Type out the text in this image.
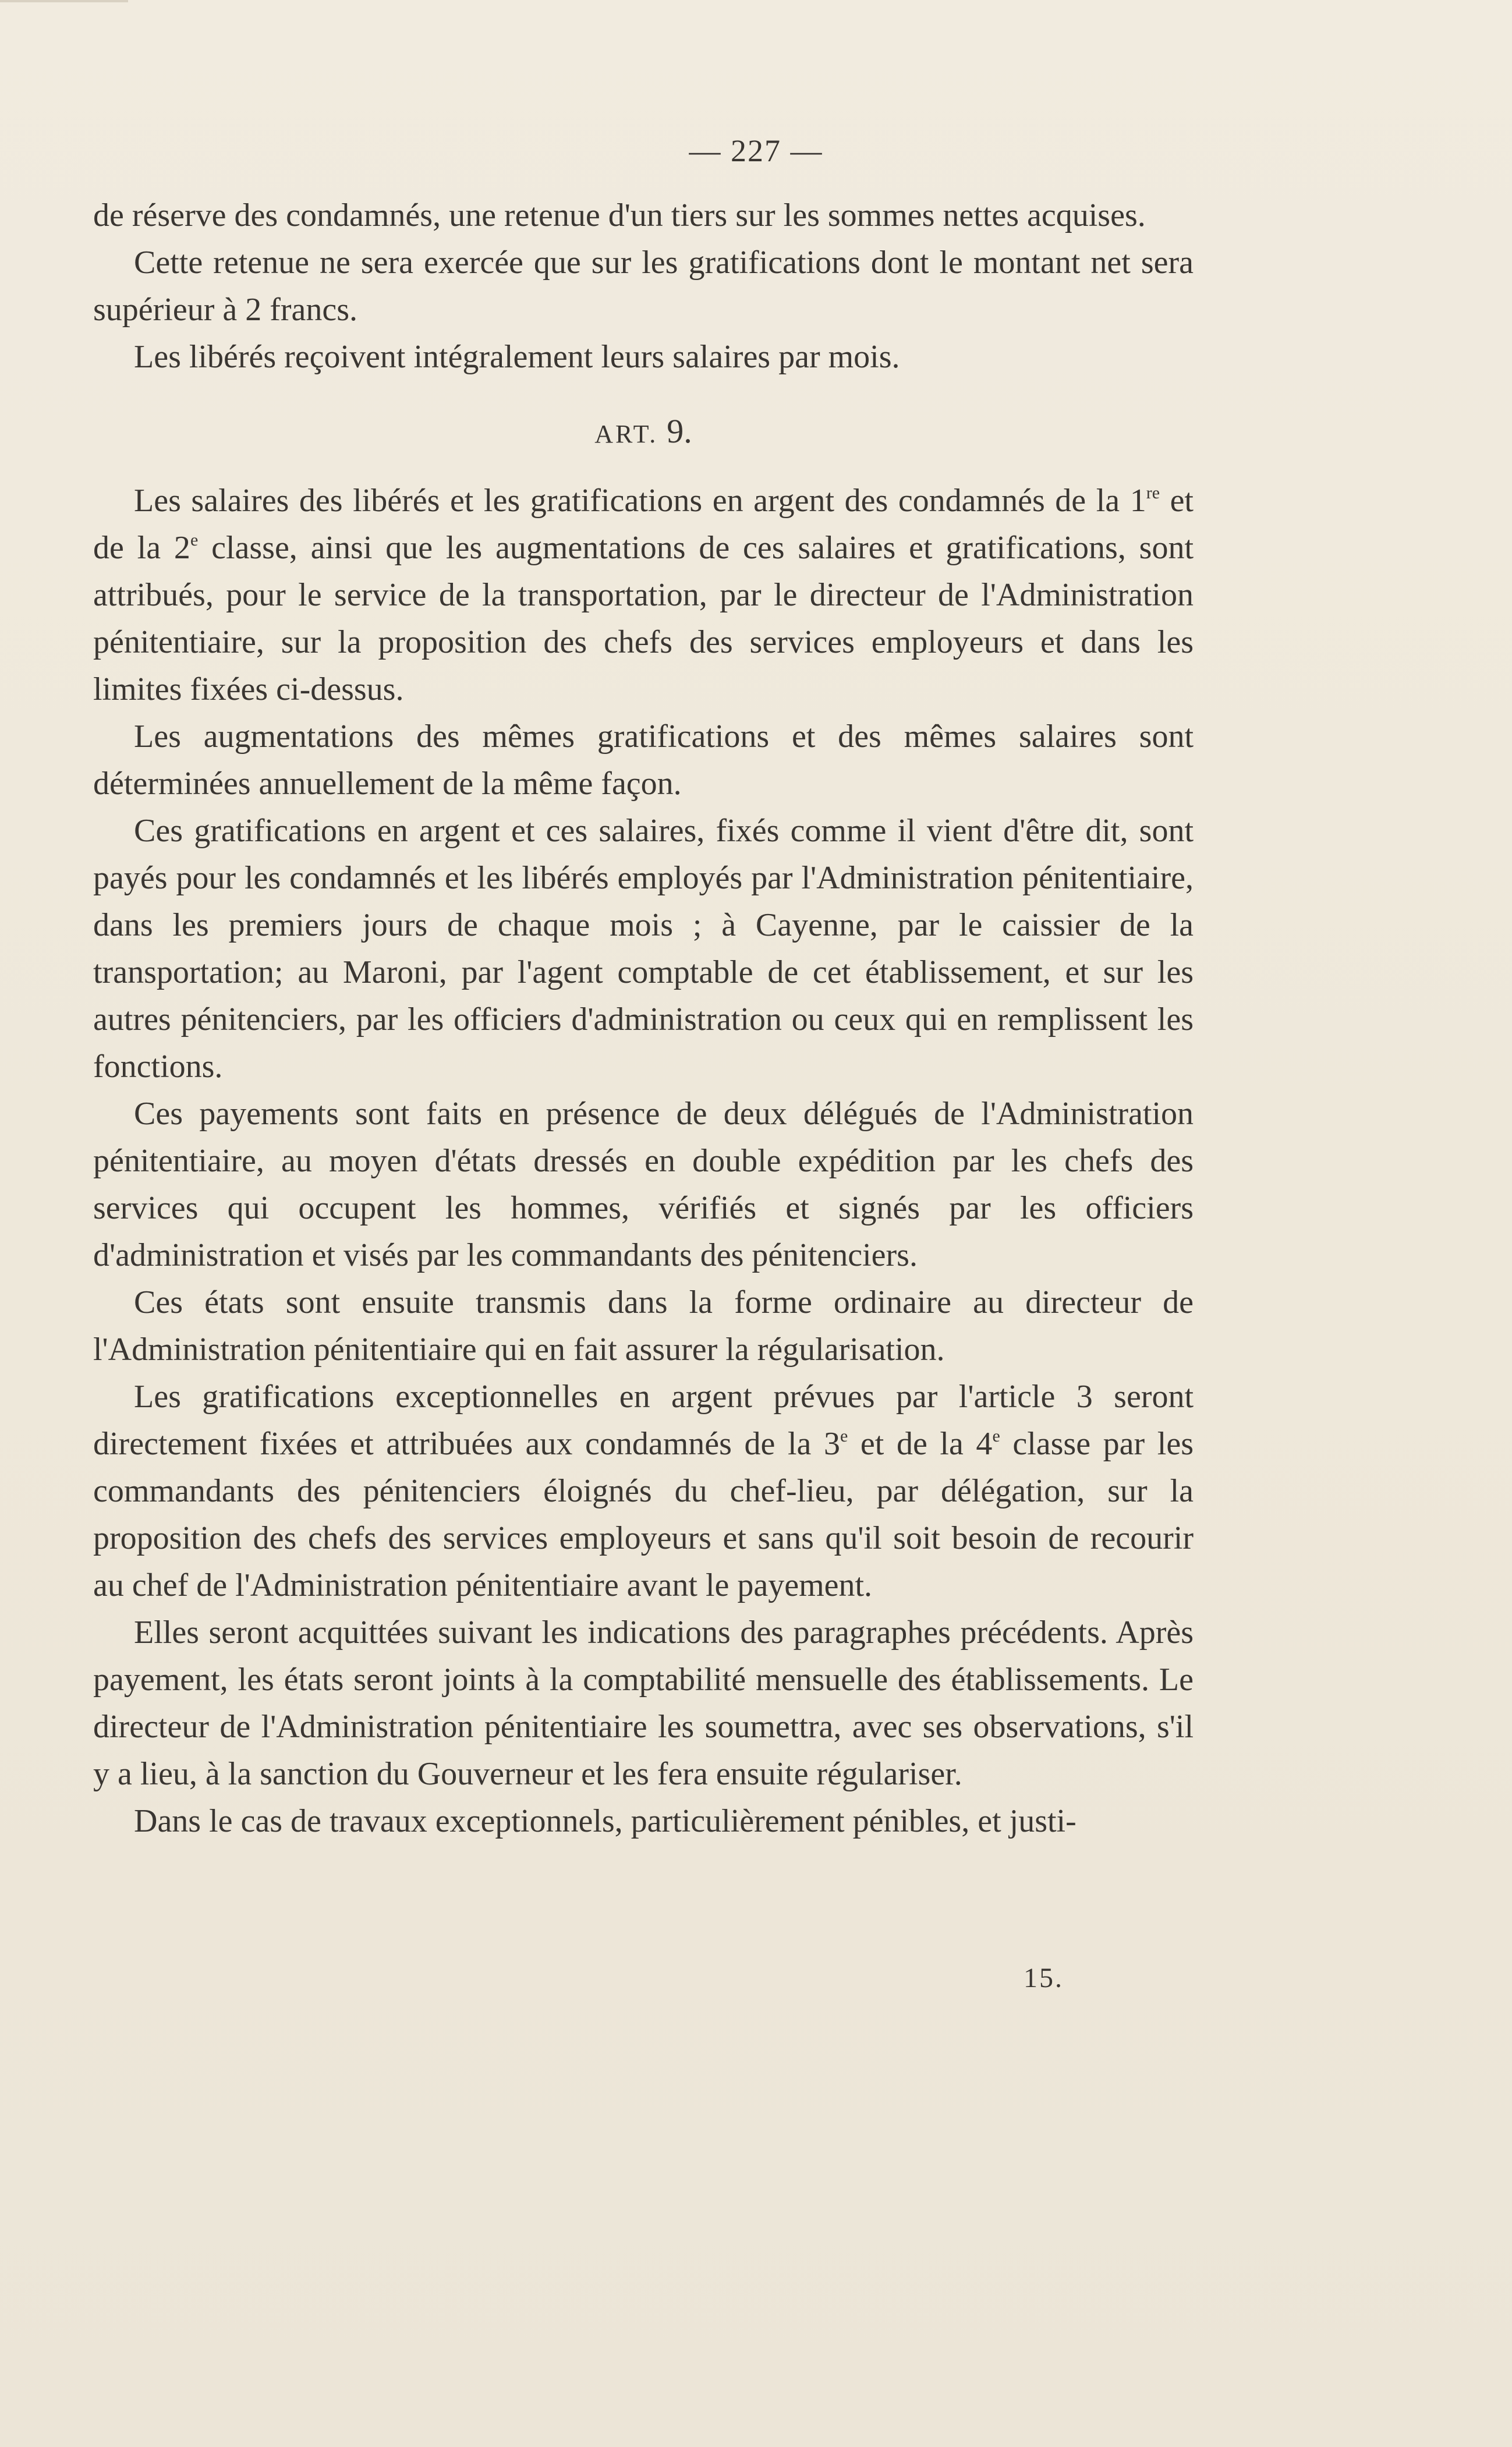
— 227 —

de réserve des condamnés, une retenue d'un tiers sur les sommes nettes acquises.

Cette retenue ne sera exercée que sur les gratifications dont le montant net sera supérieur à 2 francs.

Les libérés reçoivent intégralement leurs salaires par mois.

ART. 9.

Les salaires des libérés et les gratifications en argent des condamnés de la 1re et de la 2e classe, ainsi que les augmentations de ces salaires et gratifications, sont attribués, pour le service de la transportation, par le directeur de l'Administration pénitentiaire, sur la proposition des chefs des services employeurs et dans les limites fixées ci-dessus.

Les augmentations des mêmes gratifications et des mêmes salaires sont déterminées annuellement de la même façon.

Ces gratifications en argent et ces salaires, fixés comme il vient d'être dit, sont payés pour les condamnés et les libérés employés par l'Administration pénitentiaire, dans les premiers jours de chaque mois ; à Cayenne, par le caissier de la transportation; au Maroni, par l'agent comptable de cet établissement, et sur les autres pénitenciers, par les officiers d'administration ou ceux qui en remplissent les fonctions.

Ces payements sont faits en présence de deux délégués de l'Administration pénitentiaire, au moyen d'états dressés en double expédition par les chefs des services qui occupent les hommes, vérifiés et signés par les officiers d'administration et visés par les commandants des pénitenciers.

Ces états sont ensuite transmis dans la forme ordinaire au directeur de l'Administration pénitentiaire qui en fait assurer la régularisation.

Les gratifications exceptionnelles en argent prévues par l'article 3 seront directement fixées et attribuées aux condamnés de la 3e et de la 4e classe par les commandants des pénitenciers éloignés du chef-lieu, par délégation, sur la proposition des chefs des services employeurs et sans qu'il soit besoin de recourir au chef de l'Administration pénitentiaire avant le payement.

Elles seront acquittées suivant les indications des paragraphes précédents. Après payement, les états seront joints à la comptabilité mensuelle des établissements. Le directeur de l'Administration pénitentiaire les soumettra, avec ses observations, s'il y a lieu, à la sanction du Gouverneur et les fera ensuite régulariser.

Dans le cas de travaux exceptionnels, particulièrement pénibles, et justi-

15.
